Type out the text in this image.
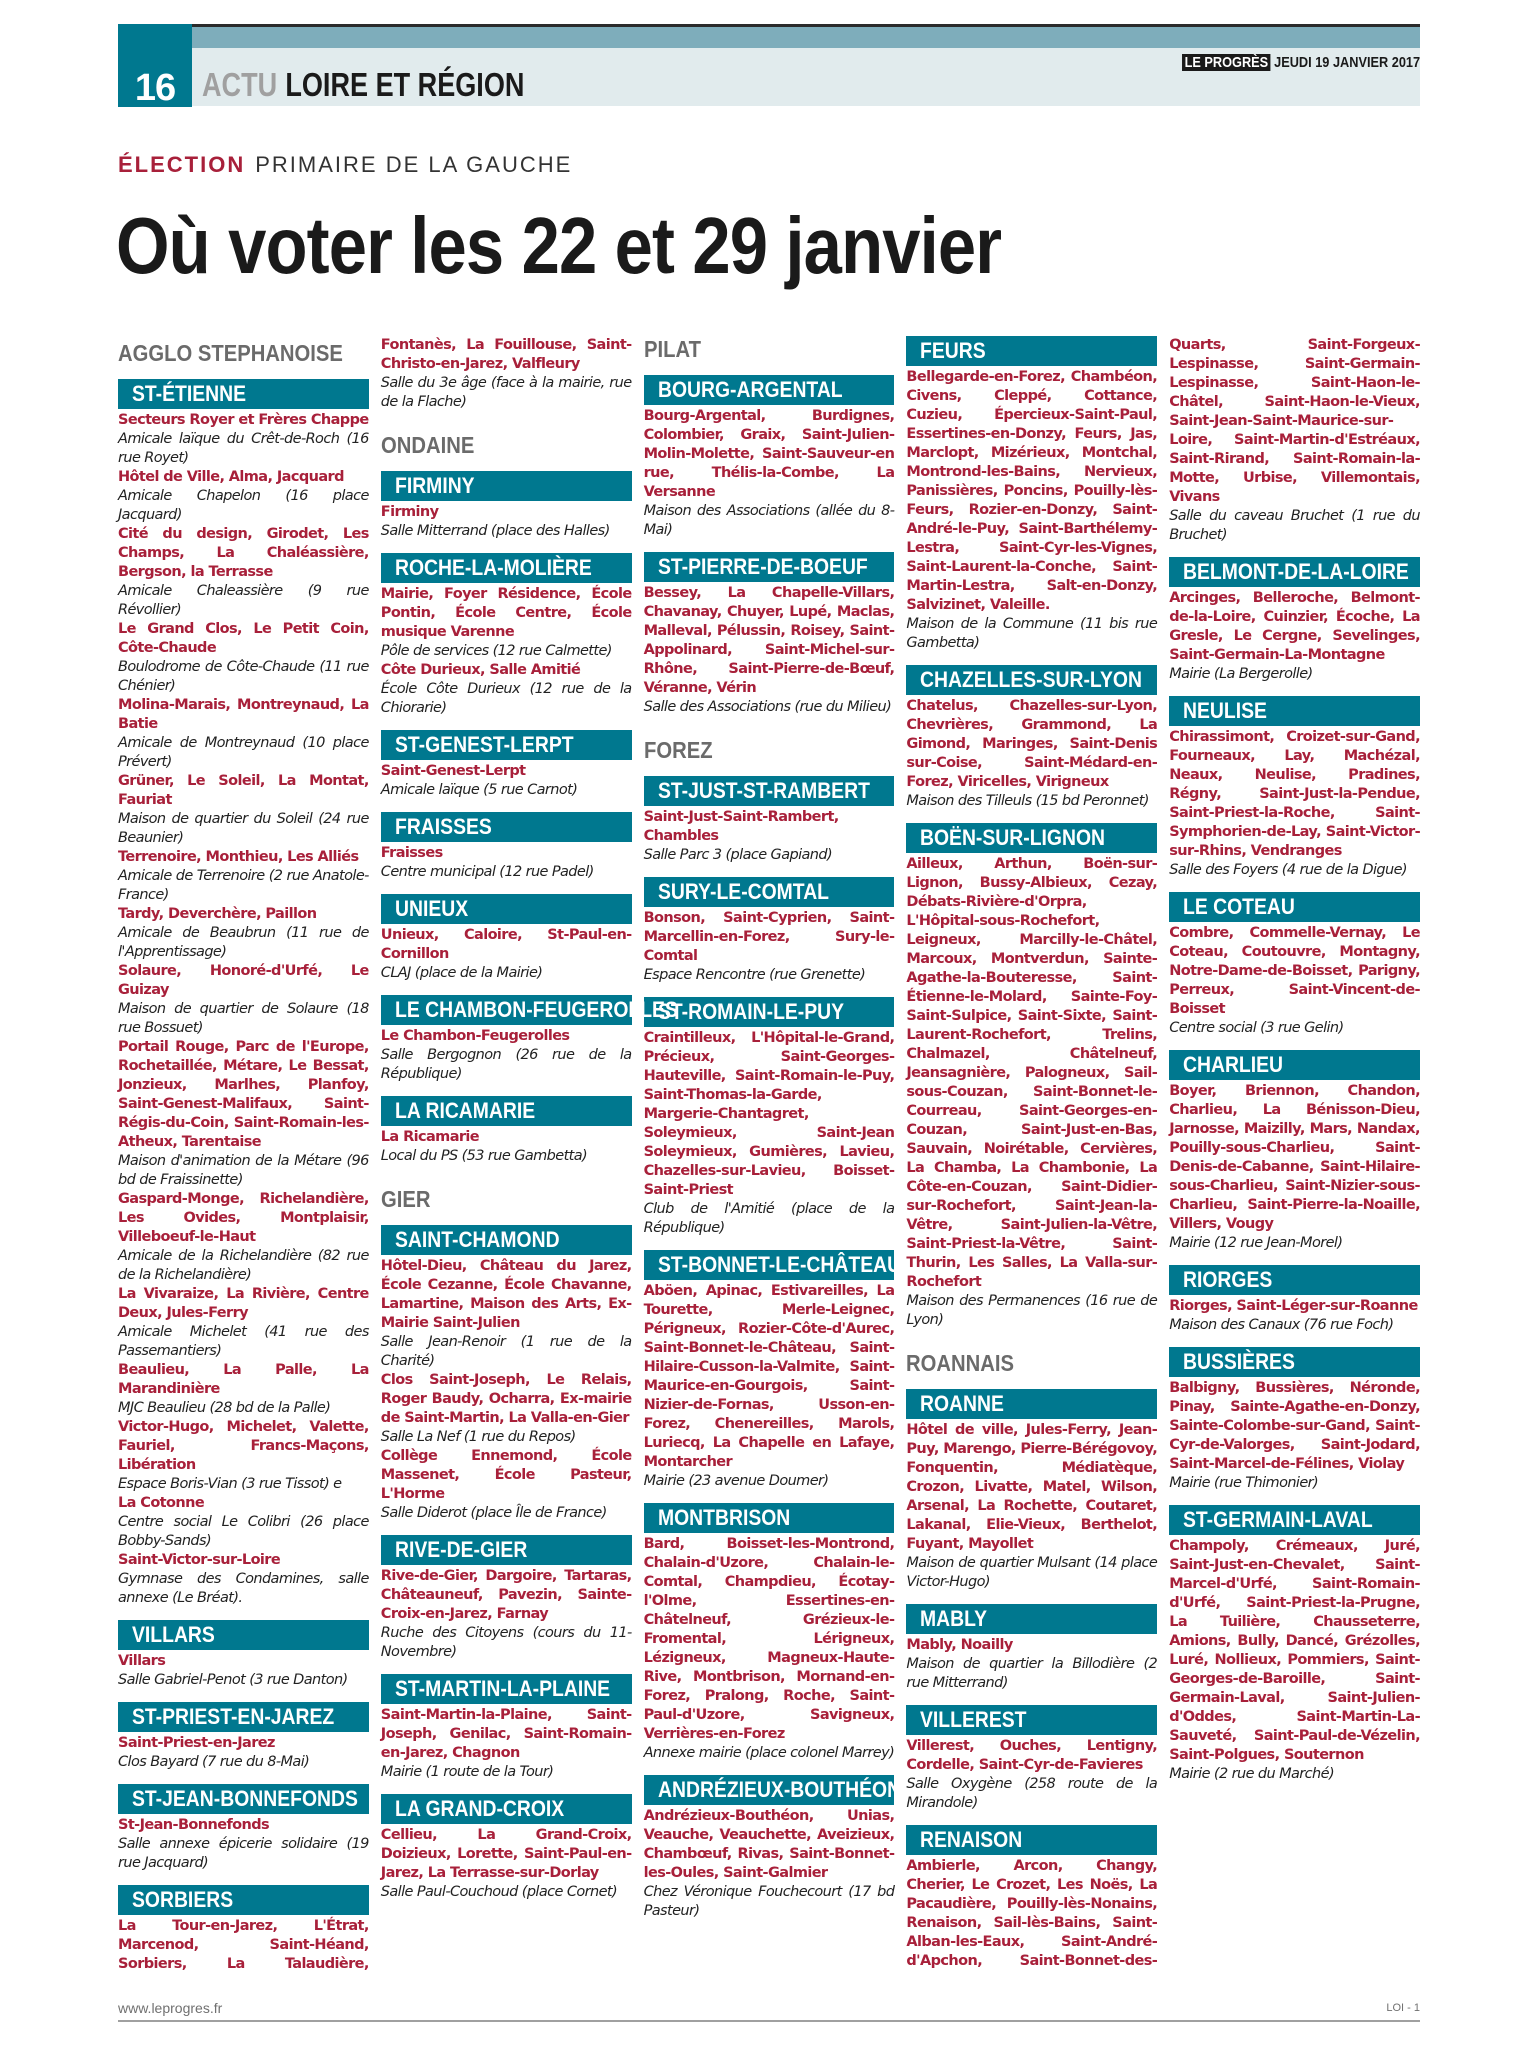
16 ACTU LOIRE ET RÉGION
LE PROGRÈS JEUDI 19 JANVIER 2017
ÉLECTION PRIMAIRE DE LA GAUCHE
Où voter les 22 et 29 janvier
AGGLO STEPHANOISE
ST-ÉTIENNE
Secteurs Royer et Frères Chappe
Amicale laïque du Crêt-de-Roch (16 rue Royet)
Hôtel de Ville, Alma, Jacquard
Amicale Chapelon (16 place Jacquard)
Cité du design, Girodet, Les Champs, La Chaléassière, Bergson, la Terrasse
Amicale Chaleassière (9 rue Révollier)
Le Grand Clos, Le Petit Coin, Côte-Chaude
Boulodrome de Côte-Chaude (11 rue Chénier)
Molina-Marais, Montreynaud, La Batie
Amicale de Montreynaud (10 place Prévert)
Grüner, Le Soleil, La Montat, Fauriat
Maison de quartier du Soleil (24 rue Beaunier)
Terrenoire, Monthieu, Les Alliés
Amicale de Terrenoire (2 rue Anatole-France)
Tardy, Deverchère, Paillon
Amicale de Beaubrun (11 rue de l'Apprentissage)
Solaure, Honoré-d'Urfé, Le Guizay
Maison de quartier de Solaure (18 rue Bossuet)
Portail Rouge, Parc de l'Europe, Rochetaillée, Métare, Le Bessat, Jonzieux, Marlhes, Planfoy, Saint-Genest-Malifaux, Saint-Régis-du-Coin, Saint-Romain-les-Atheux, Tarentaise
Maison d'animation de la Métare (96 bd de Fraissinette)
Gaspard-Monge, Richelandière, Les Ovides, Montplaisir, Villeboeuf-le-Haut
Amicale de la Richelandière (82 rue de la Richelandière)
La Vivaraize, La Rivière, Centre Deux, Jules-Ferry
Amicale Michelet (41 rue des Passemantiers)
Beaulieu, La Palle, La Marandinière
MJC Beaulieu (28 bd de la Palle)
Victor-Hugo, Michelet, Valette, Fauriel, Francs-Maçons, Libération
Espace Boris-Vian (3 rue Tissot) e
La Cotonne
Centre social Le Colibri (26 place Bobby-Sands)
Saint-Victor-sur-Loire
Gymnase des Condamines, salle annexe (Le Bréat).
VILLARS
Villars
Salle Gabriel-Penot (3 rue Danton)
ST-PRIEST-EN-JAREZ
Saint-Priest-en-Jarez
Clos Bayard (7 rue du 8-Mai)
ST-JEAN-BONNEFONDS
St-Jean-Bonnefonds
Salle annexe épicerie solidaire (19 rue Jacquard)
SORBIERS
La Tour-en-Jarez, L'Étrat, Marcenod, Saint-Héand, Sorbiers, La Talaudière, Fontanès, La Fouillouse, Saint-Christo-en-Jarez, Valfleury
Salle du 3e âge (face à la mairie, rue de la Flache)
ONDAINE
FIRMINY
Firminy
Salle Mitterrand (place des Halles)
ROCHE-LA-MOLIÈRE
Mairie, Foyer Résidence, École Pontin, École Centre, École musique Varenne
Pôle de services (12 rue Calmette)
Côte Durieux, Salle Amitié
École Côte Durieux (12 rue de la Chiorarie)
ST-GENEST-LERPT
Saint-Genest-Lerpt
Amicale laïque (5 rue Carnot)
FRAISSES
Fraisses
Centre municipal (12 rue Padel)
UNIEUX
Unieux, Caloire, St-Paul-en-Cornillon
CLAJ (place de la Mairie)
LE CHAMBON-FEUGEROLLES
Le Chambon-Feugerolles
Salle Bergognon (26 rue de la République)
LA RICAMARIE
La Ricamarie
Local du PS (53 rue Gambetta)
GIER
SAINT-CHAMOND
Hôtel-Dieu, Château du Jarez, École Cezanne, École Chavanne, Lamartine, Maison des Arts, Ex-Mairie Saint-Julien
Salle Jean-Renoir (1 rue de la Charité)
Clos Saint-Joseph, Le Relais, Roger Baudy, Ocharra, Ex-mairie de Saint-Martin, La Valla-en-Gier
Salle La Nef (1 rue du Repos)
Collège Ennemond, École Massenet, École Pasteur, L'Horme
Salle Diderot (place Île de France)
RIVE-DE-GIER
Rive-de-Gier, Dargoire, Tartaras, Châteauneuf, Pavezin, Sainte-Croix-en-Jarez, Farnay
Ruche des Citoyens (cours du 11-Novembre)
ST-MARTIN-LA-PLAINE
Saint-Martin-la-Plaine, Saint-Joseph, Genilac, Saint-Romain-en-Jarez, Chagnon
Mairie (1 route de la Tour)
LA GRAND-CROIX
Cellieu, La Grand-Croix, Doizieux, Lorette, Saint-Paul-en-Jarez, La Terrasse-sur-Dorlay
Salle Paul-Couchoud (place Cornet)
PILAT
BOURG-ARGENTAL
Bourg-Argental, Burdignes, Colombier, Graix, Saint-Julien-Molin-Molette, Saint-Sauveur-en rue, Thélis-la-Combe, La Versanne
Maison des Associations (allée du 8-Mai)
ST-PIERRE-DE-BOEUF
Bessey, La Chapelle-Villars, Chavanay, Chuyer, Lupé, Maclas, Malleval, Pélussin, Roisey, Saint-Appolinard, Saint-Michel-sur-Rhône, Saint-Pierre-de-Bœuf, Véranne, Vérin
Salle des Associations (rue du Milieu)
FOREZ
ST-JUST-ST-RAMBERT
Saint-Just-Saint-Rambert, Chambles
Salle Parc 3 (place Gapiand)
SURY-LE-COMTAL
Bonson, Saint-Cyprien, Saint-Marcellin-en-Forez, Sury-le-Comtal
Espace Rencontre (rue Grenette)
ST-ROMAIN-LE-PUY
Craintilleux, L'Hôpital-le-Grand, Précieux, Saint-Georges-Hauteville, Saint-Romain-le-Puy, Saint-Thomas-la-Garde, Margerie-Chantagret, Soleymieux, Saint-Jean Soleymieux, Gumières, Lavieu, Chazelles-sur-Lavieu, Boisset-Saint-Priest
Club de l'Amitié (place de la République)
ST-BONNET-LE-CHÂTEAU
Aböen, Apinac, Estivareilles, La Tourette, Merle-Leignec, Périgneux, Rozier-Côte-d'Aurec, Saint-Bonnet-le-Château, Saint-Hilaire-Cusson-la-Valmite, Saint-Maurice-en-Gourgois, Saint-Nizier-de-Fornas, Usson-en-Forez, Chenereilles, Marols, Luriecq, La Chapelle en Lafaye, Montarcher
Mairie (23 avenue Doumer)
MONTBRISON
Bard, Boisset-les-Montrond, Chalain-d'Uzore, Chalain-le-Comtal, Champdieu, Écotay-l'Olme, Essertines-en-Châtelneuf, Grézieux-le-Fromental, Lérigneux, Lézigneux, Magneux-Haute-Rive, Montbrison, Mornand-en-Forez, Pralong, Roche, Saint-Paul-d'Uzore, Savigneux, Verrières-en-Forez
Annexe mairie (place colonel Marrey)
ANDRÉZIEUX-BOUTHÉON
Andrézieux-Bouthéon, Unias, Veauche, Veauchette, Aveizieux, Chambœuf, Rivas, Saint-Bonnet-les-Oules, Saint-Galmier
Chez Véronique Fouchecourt (17 bd Pasteur)
FEURS
Bellegarde-en-Forez, Chambéon, Civens, Cleppé, Cottance, Cuzieu, Épercieux-Saint-Paul, Essertines-en-Donzy, Feurs, Jas, Marclopt, Mizérieux, Montchal, Montrond-les-Bains, Nervieux, Panissières, Poncins, Pouilly-lès-Feurs, Rozier-en-Donzy, Saint-André-le-Puy, Saint-Barthélemy-Lestra, Saint-Cyr-les-Vignes, Saint-Laurent-la-Conche, Saint-Martin-Lestra, Salt-en-Donzy, Salvizinet, Valeille.
Maison de la Commune (11 bis rue Gambetta)
CHAZELLES-SUR-LYON
Chatelus, Chazelles-sur-Lyon, Chevrières, Grammond, La Gimond, Maringes, Saint-Denis sur-Coise, Saint-Médard-en-Forez, Viricelles, Virigneux
Maison des Tilleuls (15 bd Peronnet)
BOËN-SUR-LIGNON
Ailleux, Arthun, Boën-sur-Lignon, Bussy-Albieux, Cezay, Débats-Rivière-d'Orpra, L'Hôpital-sous-Rochefort, Leigneux, Marcilly-le-Châtel, Marcoux, Montverdun, Sainte-Agathe-la-Bouteresse, Saint-Étienne-le-Molard, Sainte-Foy-Saint-Sulpice, Saint-Sixte, Saint-Laurent-Rochefort, Trelins, Chalmazel, Châtelneuf, Jeansagnière, Palogneux, Sail-sous-Couzan, Saint-Bonnet-le-Courreau, Saint-Georges-en-Couzan, Saint-Just-en-Bas, Sauvain, Noirétable, Cervières, La Chamba, La Chambonie, La Côte-en-Couzan, Saint-Didier-sur-Rochefort, Saint-Jean-la-Vêtre, Saint-Julien-la-Vêtre, Saint-Priest-la-Vêtre, Saint-Thurin, Les Salles, La Valla-sur-Rochefort
Maison des Permanences (16 rue de Lyon)
ROANNAIS
ROANNE
Hôtel de ville, Jules-Ferry, Jean-Puy, Marengo, Pierre-Bérégovoy, Fonquentin, Médiatèque, Crozon, Livatte, Matel, Wilson, Arsenal, La Rochette, Coutaret, Lakanal, Elie-Vieux, Berthelot, Fuyant, Mayollet
Maison de quartier Mulsant (14 place Victor-Hugo)
MABLY
Mably, Noailly
Maison de quartier la Billodière (2 rue Mitterrand)
VILLEREST
Villerest, Ouches, Lentigny, Cordelle, Saint-Cyr-de-Favieres
Salle Oxygène (258 route de la Mirandole)
RENAISON
Ambierle, Arcon, Changy, Cherier, Le Crozet, Les Noës, La Pacaudière, Pouilly-lès-Nonains, Renaison, Sail-lès-Bains, Saint-Alban-les-Eaux, Saint-André-d'Apchon, Saint-Bonnet-des-Quarts, Saint-Forgeux-Lespinasse, Saint-Germain-Lespinasse, Saint-Haon-le-Châtel, Saint-Haon-le-Vieux, Saint-Jean-Saint-Maurice-sur-Loire, Saint-Martin-d'Estréaux, Saint-Rirand, Saint-Romain-la-Motte, Urbise, Villemontais, Vivans
Salle du caveau Bruchet (1 rue du Bruchet)
BELMONT-DE-LA-LOIRE
Arcinges, Belleroche, Belmont-de-la-Loire, Cuinzier, Écoche, La Gresle, Le Cergne, Sevelinges, Saint-Germain-La-Montagne
Mairie (La Bergerolle)
NEULISE
Chirassimont, Croizet-sur-Gand, Fourneaux, Lay, Machézal, Neaux, Neulise, Pradines, Régny, Saint-Just-la-Pendue, Saint-Priest-la-Roche, Saint-Symphorien-de-Lay, Saint-Victor-sur-Rhins, Vendranges
Salle des Foyers (4 rue de la Digue)
LE COTEAU
Combre, Commelle-Vernay, Le Coteau, Coutouvre, Montagny, Notre-Dame-de-Boisset, Parigny, Perreux, Saint-Vincent-de-Boisset
Centre social (3 rue Gelin)
CHARLIEU
Boyer, Briennon, Chandon, Charlieu, La Bénisson-Dieu, Jarnosse, Maizilly, Mars, Nandax, Pouilly-sous-Charlieu, Saint-Denis-de-Cabanne, Saint-Hilaire-sous-Charlieu, Saint-Nizier-sous-Charlieu, Saint-Pierre-la-Noaille, Villers, Vougy
Mairie (12 rue Jean-Morel)
RIORGES
Riorges, Saint-Léger-sur-Roanne
Maison des Canaux (76 rue Foch)
BUSSIÈRES
Balbigny, Bussières, Néronde, Pinay, Sainte-Agathe-en-Donzy, Sainte-Colombe-sur-Gand, Saint-Cyr-de-Valorges, Saint-Jodard, Saint-Marcel-de-Félines, Violay
Mairie (rue Thimonier)
ST-GERMAIN-LAVAL
Champoly, Crémeaux, Juré, Saint-Just-en-Chevalet, Saint-Marcel-d'Urfé, Saint-Romain-d'Urfé, Saint-Priest-la-Prugne, La Tuilière, Chausseterre, Amions, Bully, Dancé, Grézolles, Luré, Nollieux, Pommiers, Saint-Georges-de-Baroille, Saint-Germain-Laval, Saint-Julien-d'Oddes, Saint-Martin-La-Sauveté, Saint-Paul-de-Vézelin, Saint-Polgues, Souternon
Mairie (2 rue du Marché)
www.leprogres.fr	LOI - 1
